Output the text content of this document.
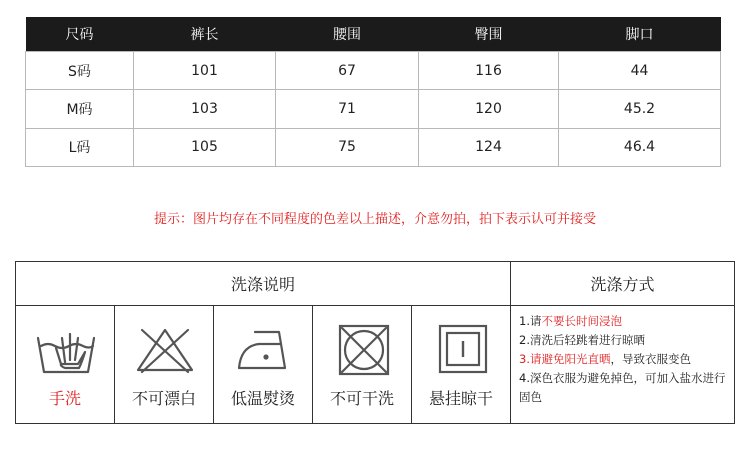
尺码	裤长	腰围	臀围	脚口
S码	101	67	116	44
M码	103	71	120	45.2
L码	105	75	124	46.4
提示：图片均存在不同程度的色差以上描述，介意勿拍，拍下表示认可并接受
洗涤说明	洗涤方式
手洗	不可漂白	低温熨烫	不可干洗	悬挂晾干
1.请不要长时间浸泡
2.清洗后轻跳着进行晾晒
3.请避免阳光直晒，导致衣服变色
4.深色衣服为避免掉色，可加入盐水进行固色
